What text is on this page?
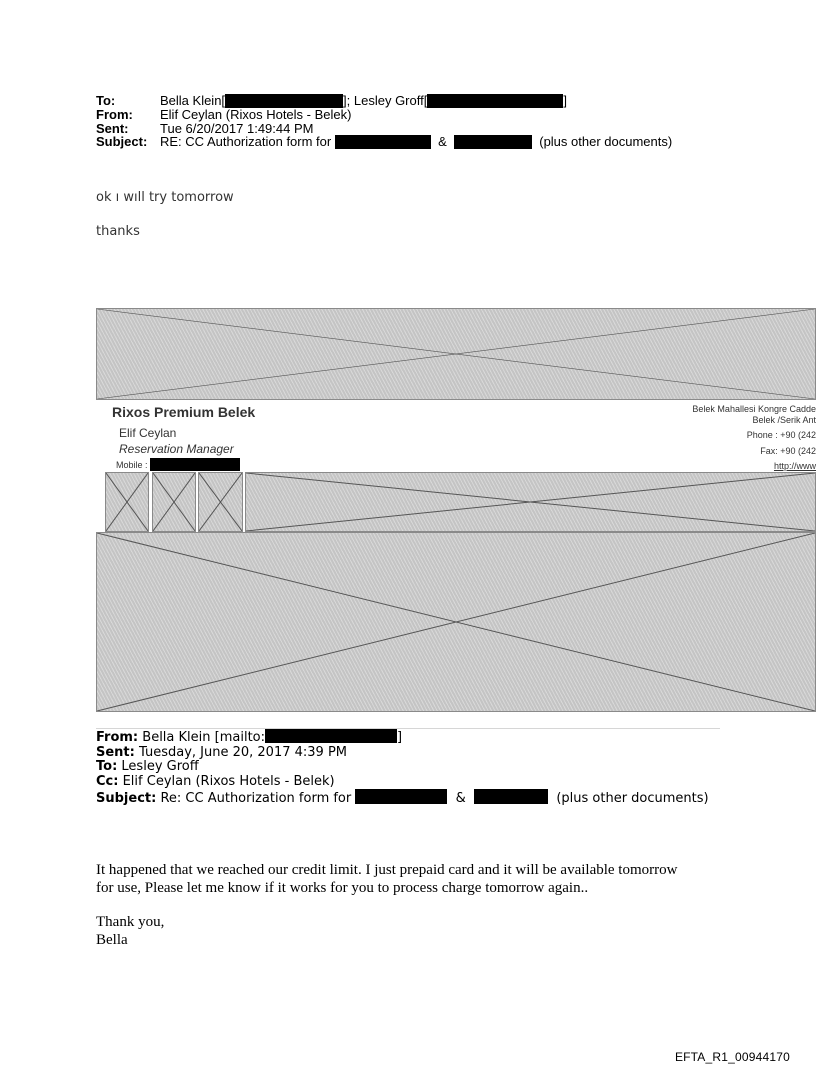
To:	Bella Klein[	]; Lesley Groff[	]
From:	Elif Ceylan (Rixos Hotels - Belek)
Sent:	Tue 6/20/2017 1:49:44 PM
Subject: RE: CC Authorization form for

	&

	(plus other documents)
ok ı wıll try tomorrow
thanks
Rixos Premium Belek
Elif Ceylan
Reservation Manager
Mobile :
Belek Mahallesi Kongre Cadde
Belek /Serik Ant
Phone : +90 (242
Fax: +90 (242
http://www
From: Bella Klein [mailto:	]
Sent: Tuesday, June 20, 2017 4:39 PM
To: Lesley Groff
Cc: Elif Ceylan (Rixos Hotels - Belek)
Subject: Re: CC Authorization form for	&	(plus other documents)
It happened that we reached our credit limit. I just prepaid card and it will be available tomorrow
for use, Please let me know if it works for you to process charge tomorrow again..
Thank you,
Bella
EFTA_R1_00944170
